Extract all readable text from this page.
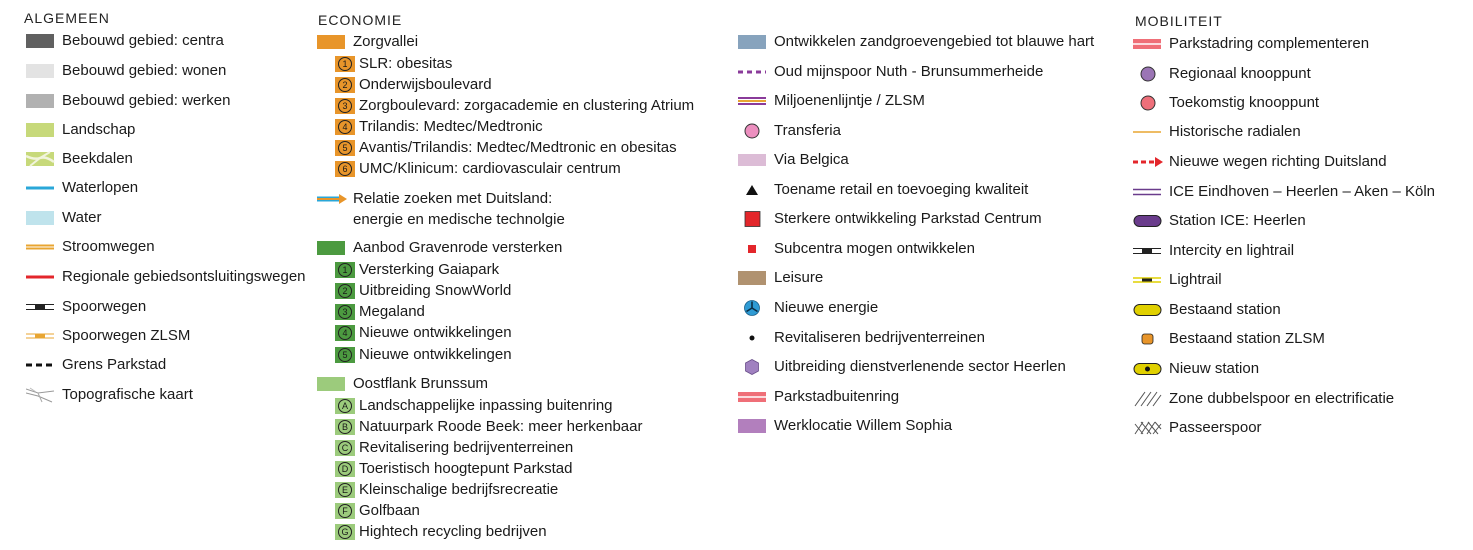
ALGEMEEN
Bebouwd gebied: centra
Bebouwd gebied: wonen
Bebouwd gebied: werken
Landschap
Beekdalen
Waterlopen
Water
Stroomwegen
Regionale gebiedsontsluitingswegen
Spoorwegen
Spoorwegen ZLSM
Grens Parkstad
Topografische kaart
ECONOMIE
Zorgvallei
1 SLR: obesitas
2 Onderwijsboulevard
3 Zorgboulevard: zorgacademie en clustering Atrium
4 Trilandis: Medtec/Medtronic
5 Avantis/Trilandis: Medtec/Medtronic en obesitas
6 UMC/Klinicum: cardiovasculair centrum
Relatie zoeken met Duitsland:
energie en medische technolgie
Aanbod Gravenrode versterken
1 Versterking Gaiapark
2 Uitbreiding SnowWorld
3 Megaland
4 Nieuwe ontwikkelingen
5 Nieuwe ontwikkelingen
Oostflank Brunssum
A Landschappelijke inpassing buitenring
B Natuurpark Roode Beek: meer herkenbaar
C Revitalisering bedrijventerreinen
D Toeristisch hoogtepunt Parkstad
E Kleinschalige bedrijfsrecreatie
F Golfbaan
G Hightech recycling bedrijven
Ontwikkelen zandgroevengebied tot blauwe hart
Oud mijnspoor Nuth - Brunsummerheide
Miljoenenlijntje / ZLSM
Transferia
Via Belgica
Toename retail en toevoeging kwaliteit
Sterkere ontwikkeling Parkstad Centrum
Subcentra mogen ontwikkelen
Leisure
Nieuwe energie
Revitaliseren bedrijventerreinen
Uitbreiding dienstverlenende sector Heerlen
Parkstadbuitenring
Werklocatie Willem Sophia
MOBILITEIT
Parkstadring complementeren
Regionaal knooppunt
Toekomstig knooppunt
Historische radialen
Nieuwe wegen richting Duitsland
ICE Eindhoven – Heerlen – Aken – Köln
Station ICE: Heerlen
Intercity en lightrail
Lightrail
Bestaand station
Bestaand station ZLSM
Nieuw station
Zone dubbelspoor en electrificatie
Passeerspoor
